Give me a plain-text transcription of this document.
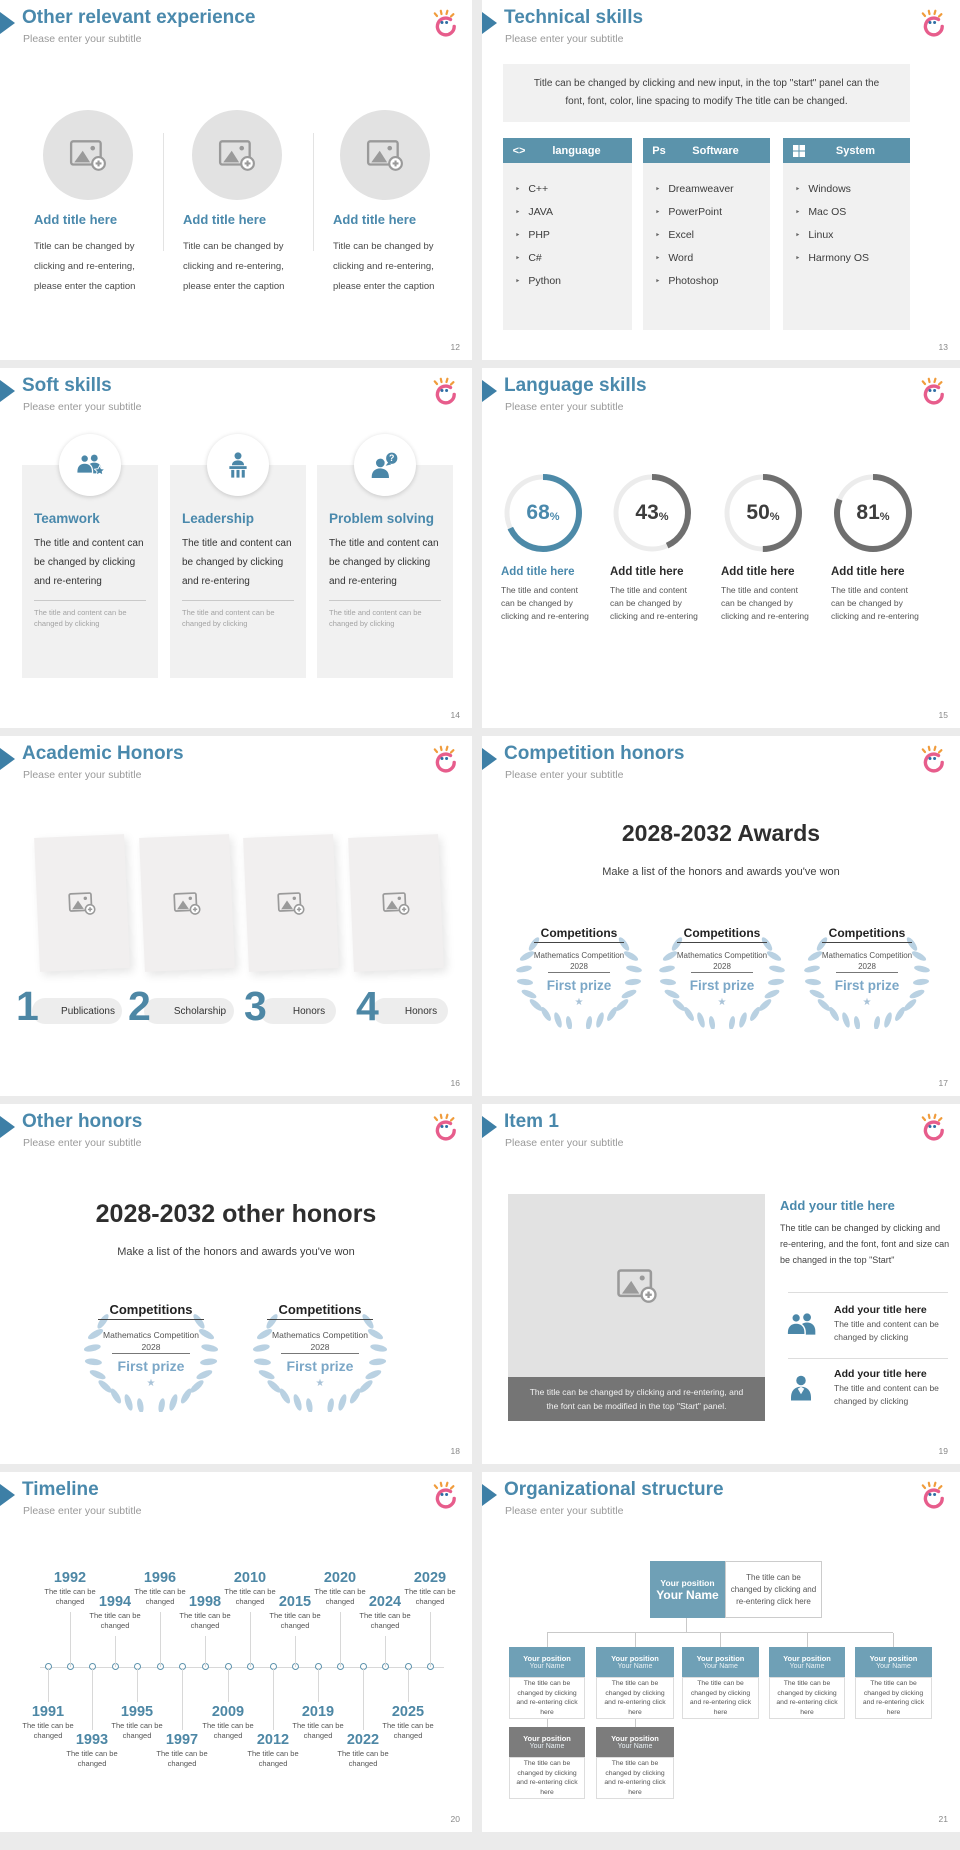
Other relevant experience
Please enter your subtitle
Add title here

Title can be changed by clicking and re-entering, please enter the caption

Add title here

Title can be changed by clicking and re-entering, please enter the caption

Add title here

Title can be changed by clicking and re-entering, please enter the caption

12
Technical skills
Please enter your subtitle
Title can be changed by clicking and new input, in the top "start" panel can the font, font, color, line spacing to modify The title can be changed.
<>	language
‣ C++
‣ JAVA
‣ PHP
‣ C#
‣ Python
Ps	Software
‣ Dreamweaver
‣ PowerPoint
‣ Excel
‣ Word
‣ Photoshop
System
‣ Windows
‣ Mac OS
‣ Linux
‣ Harmony OS
13
Soft skills
Please enter your subtitle
Teamwork
The title and content can be changed by clicking and re-entering
The title and content can be changed by clicking
Leadership
The title and content can be changed by clicking and re-entering
The title and content can be changed by clicking
Problem solving
The title and content can be changed by clicking and re-entering
The title and content can be changed by clicking
14
Language skills
Please enter your subtitle
68 %
Add title here
The title and content can be changed by clicking and re-entering
43 %
Add title here
The title and content can be changed by clicking and re-entering
50 %
Add title here
The title and content can be changed by clicking and re-entering
81 %
Add title here
The title and content can be changed by clicking and re-entering
15
Academic Honors
Please enter your subtitle
Publications
1	Scholarship
2	Honors
3	Honors
4
16
Competition honors
Please enter your subtitle
2028-2032 Awards
Make a list of the honors and awards you've won
Competitions
Mathematics Competition
2028
First prize
★
Competitions
Mathematics Competition
2028
First prize
★
Competitions
Mathematics Competition
2028
First prize
★
17
Other honors
Please enter your subtitle
2028-2032 other honors
Make a list of the honors and awards you've won
Competitions
Mathematics Competition
2028
First prize
★
Competitions
Mathematics Competition
2028
First prize
★
18
Item 1
Please enter your subtitle
The title can be changed by clicking and re-entering, and the font can be modified in the top "Start" panel.
Add your title here
The title can be changed by clicking and re-entering, and the font, font and size can be changed in the top "Start"
Add your title here
The title and content can be changed by clicking
Add your title here
The title and content can be changed by clicking
19
Timeline
Please enter your subtitle
1992
The title can be changed 1994
The title can be changed
1996
The title can be changed 1998
The title can be changed
2010
The title can be changed 2015
The title can be changed
2020
The title can be changed 2024
The title can be changed
2029
The title can be changed
1991
The title can be changed 1993
The title can be changed
1995
The title can be changed 1997
The title can be changed
2009
The title can be changed 2012
The title can be changed
2019
The title can be changed 2022
The title can be changed
2025
The title can be changed
20
Organizational structure
Please enter your subtitle
Your position
Your Name
The title can be changed by clicking and re-entering click here
Your position
Your Name
Your position
Your Name
Your position
Your Name
Your position
Your Name
Your position
Your Name
The title can be changed by clicking and re-entering click here
The title can be changed by clicking and re-entering click here
The title can be changed by clicking and re-entering click here
The title can be changed by clicking and re-entering click here
The title can be changed by clicking and re-entering click here
Your position
Your Name
Your position
Your Name
The title can be changed by clicking and re-entering click here
The title can be changed by clicking and re-entering click here
21
